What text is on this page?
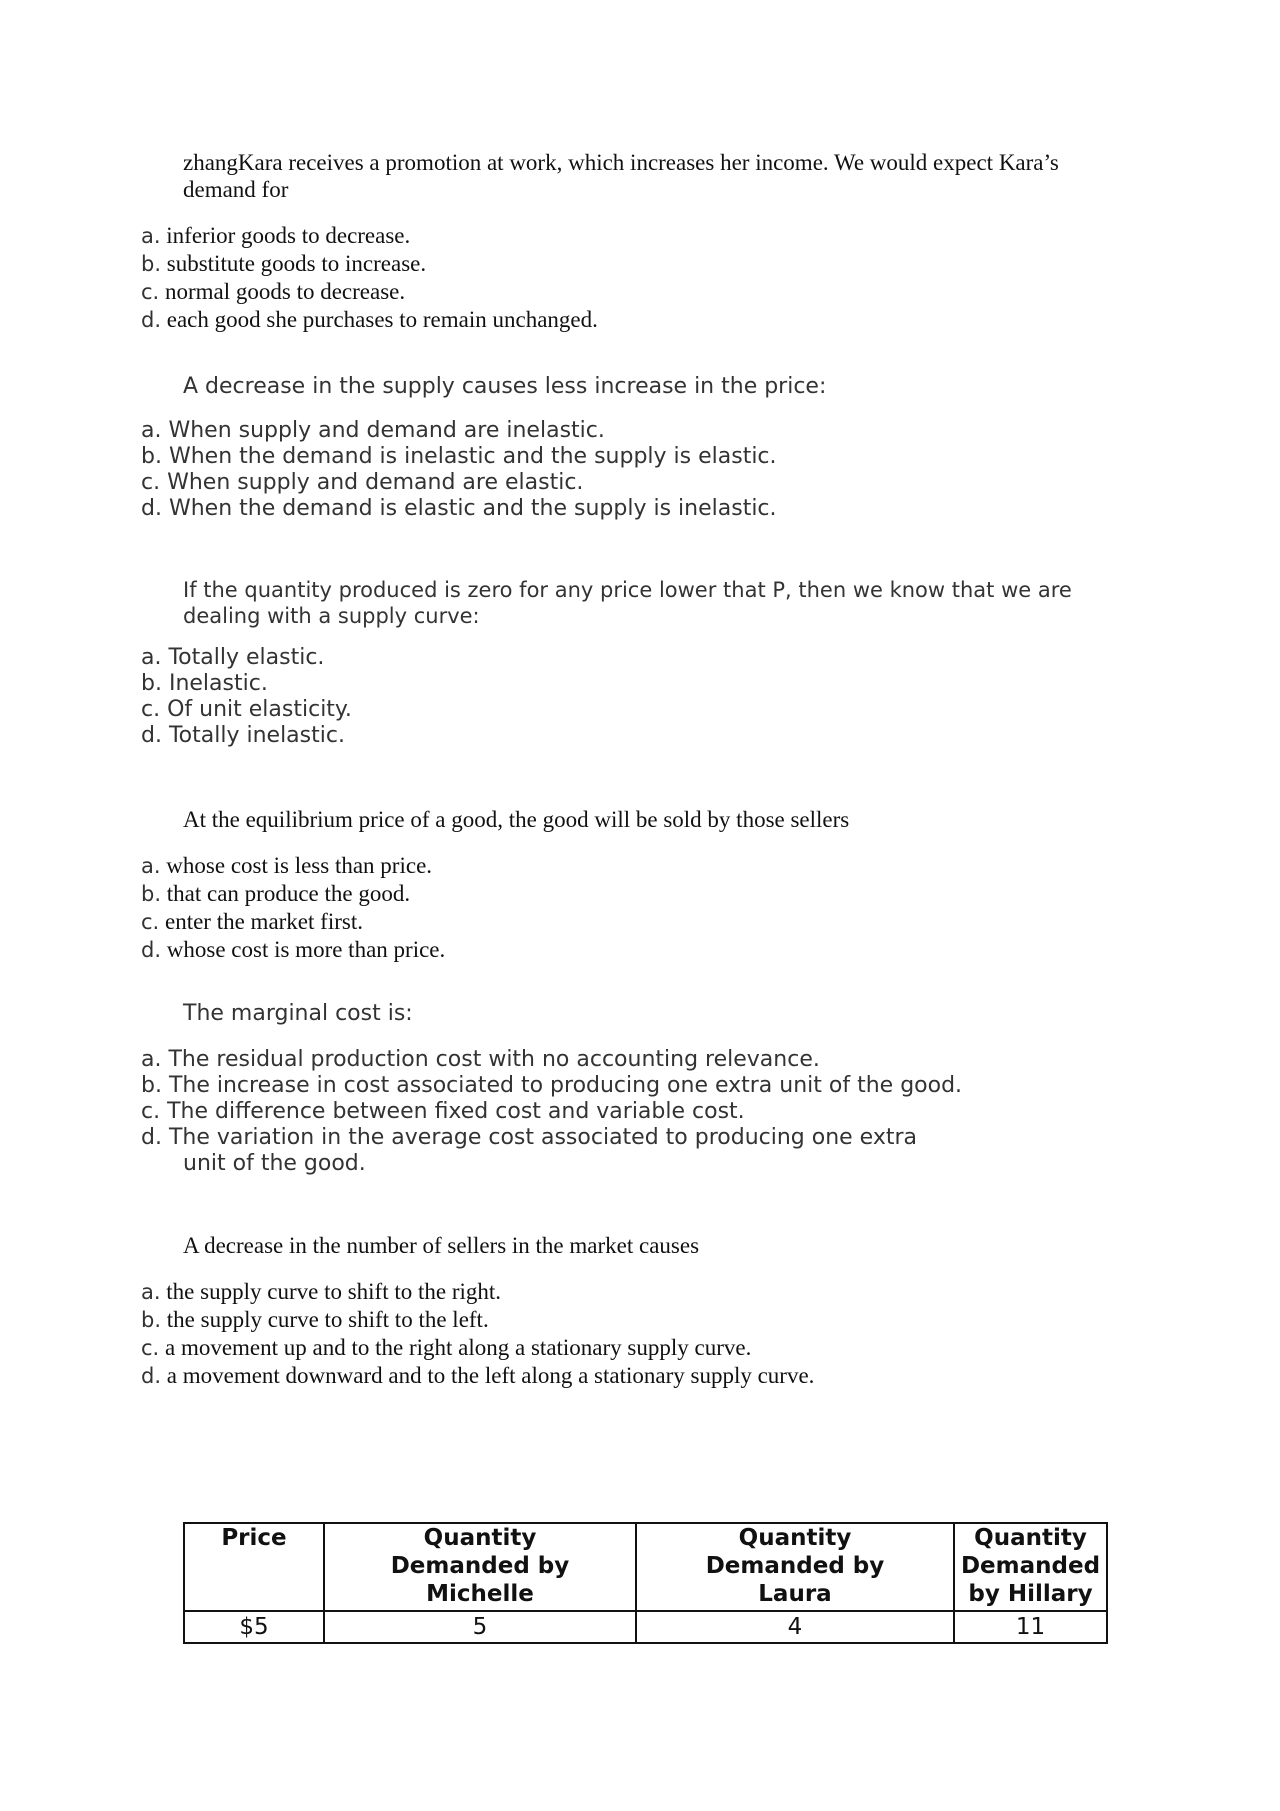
zhangKara receives a promotion at work, which increases her income. We would expect Kara’s demand for

a. inferior goods to decrease.
b. substitute goods to increase.
c. normal goods to decrease.
d. each good she purchases to remain unchanged.

A decrease in the supply causes less increase in the price:

a. When supply and demand are inelastic.
b. When the demand is inelastic and the supply is elastic.
c. When supply and demand are elastic.
d. When the demand is elastic and the supply is inelastic.

If the quantity produced is zero for any price lower that P, then we know that we are dealing with a supply curve:

a. Totally elastic.
b. Inelastic.
c. Of unit elasticity.
d. Totally inelastic.

At the equilibrium price of a good, the good will be sold by those sellers

a. whose cost is less than price.
b. that can produce the good.
c. enter the market first.
d. whose cost is more than price.

The marginal cost is:

a. The residual production cost with no accounting relevance.
b. The increase in cost associated to producing one extra unit of the good.
c. The difference between fixed cost and variable cost.
d. The variation in the average cost associated to producing one extra unit of the good.

A decrease in the number of sellers in the market causes

a. the supply curve to shift to the right.
b. the supply curve to shift to the left.
c. a movement up and to the right along a stationary supply curve.
d. a movement downward and to the left along a stationary supply curve.
Price	Quantity Demanded by Michelle	Quantity Demanded by Laura	Quantity Demanded by Hillary
$5	5	4	11
